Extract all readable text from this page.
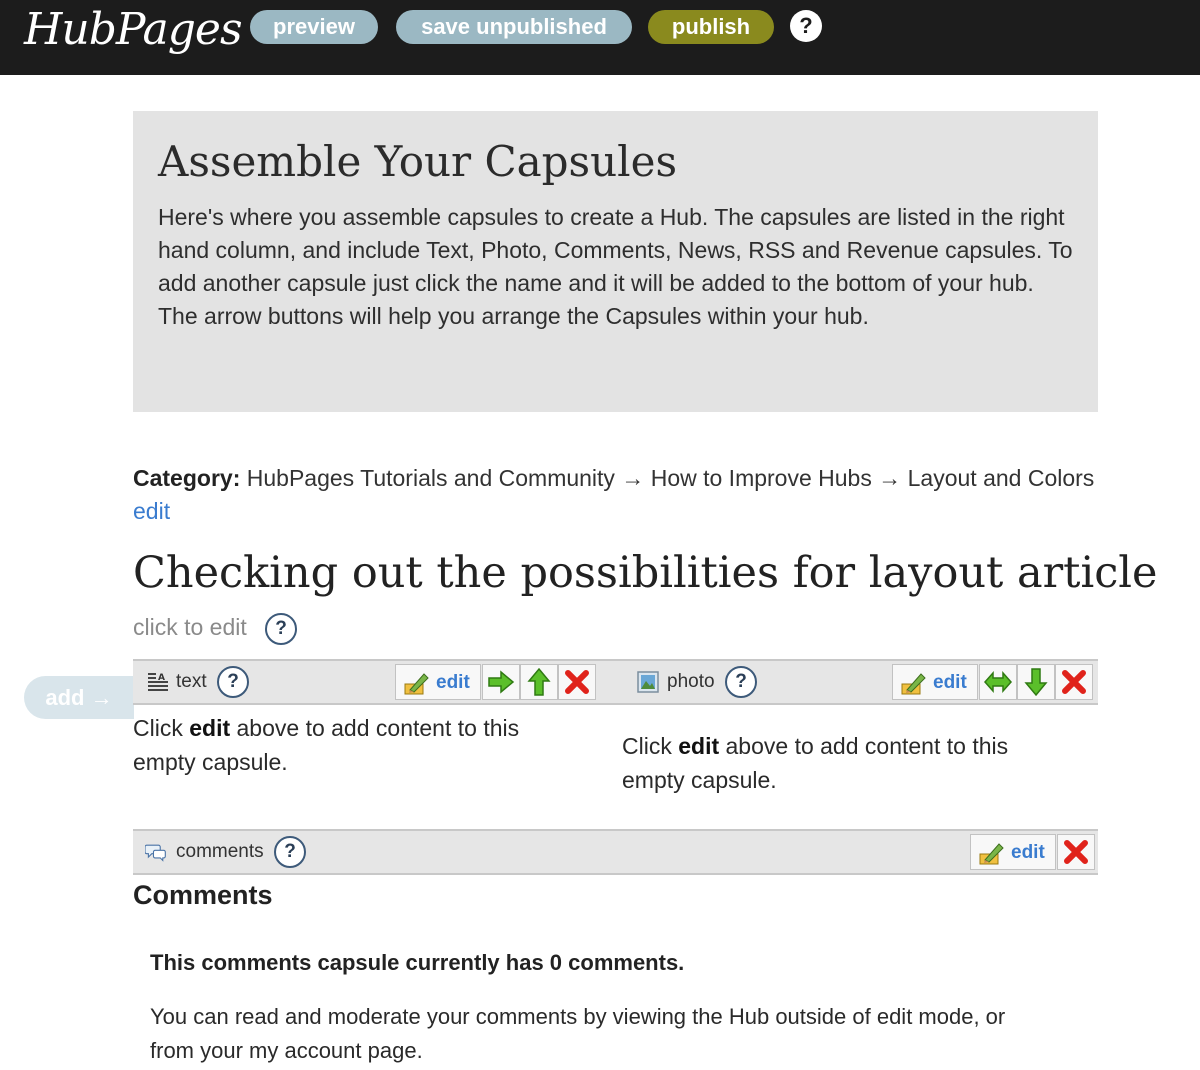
HubPages	preview	save unpublished	publish	?
Assemble Your Capsules

Here's where you assemble capsules to create a Hub. The capsules are listed in the right hand column, and include Text, Photo, Comments, News, RSS and Revenue capsules. To add another capsule just click the name and it will be added to the bottom of your hub. The arrow buttons will help you arrange the Capsules within your hub.

Category: HubPages Tutorials and Community → How to Improve Hubs → Layout and Colors edit
Checking out the possibilities for layout article
click to edit	?
add →
A text	?	edit	photo	?	edit
Click edit above to add content to this empty capsule.
Click edit above to add content to this empty capsule.
comments	?	edit
Comments
This comments capsule currently has 0 comments.
You can read and moderate your comments by viewing the Hub outside of edit mode, or from your my account page.
